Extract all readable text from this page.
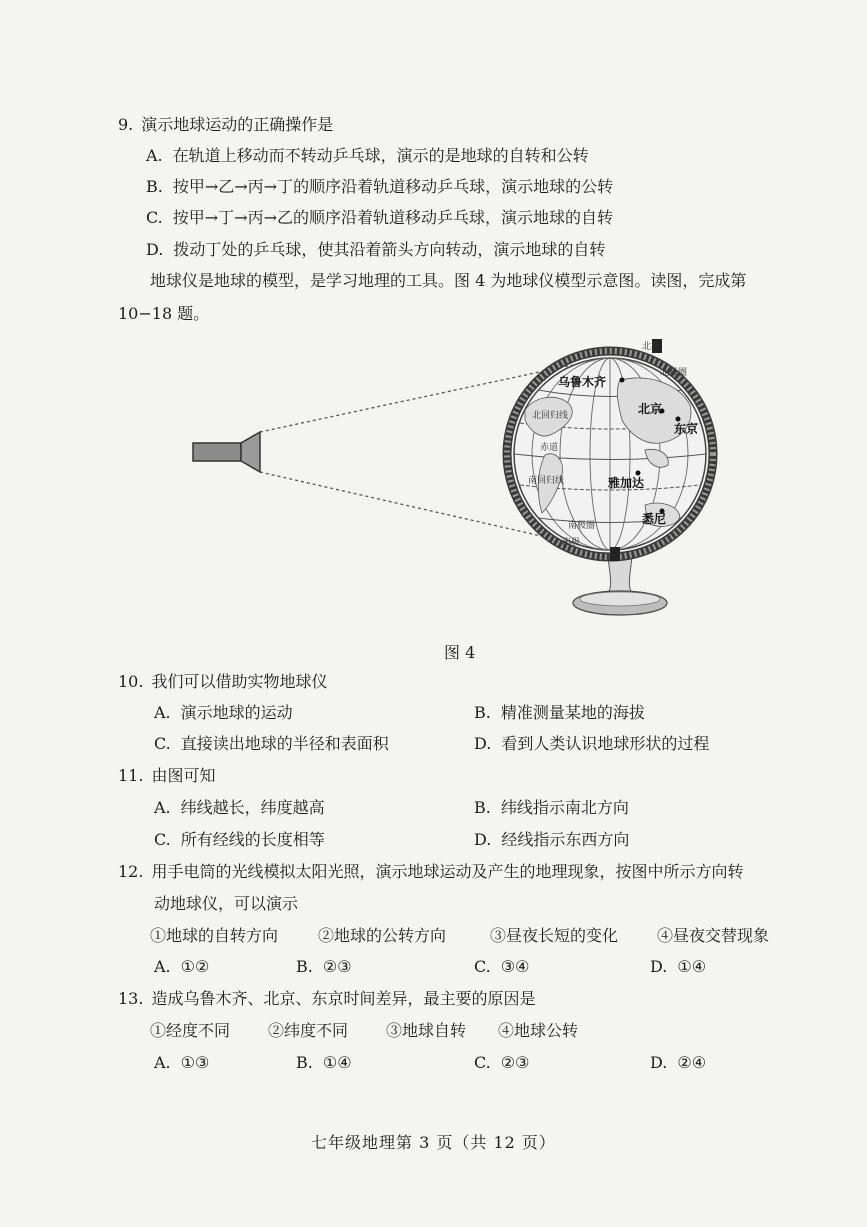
9. 演示地球运动的正确操作是
A. 在轨道上移动而不转动乒乓球，演示的是地球的自转和公转
B. 按甲→乙→丙→丁的顺序沿着轨道移动乒乓球，演示地球的公转
C. 按甲→丁→丙→乙的顺序沿着轨道移动乒乓球，演示地球的自转
D. 拨动丁处的乒乓球，使其沿着箭头方向转动，演示地球的自转
地球仪是地球的模型，是学习地理的工具。图 4 为地球仪模型示意图。读图，完成第
10−18 题。
北回归线
北极圈
赤道
南回归线
南极圈
北极
南极
乌鲁木齐
北京
东京
雅加达
悉尼
图 4
10. 我们可以借助实物地球仪
A. 演示地球的运动	B. 精准测量某地的海拔
C. 直接读出地球的半径和表面积	D. 看到人类认识地球形状的过程
11. 由图可知
A. 纬线越长，纬度越高	B. 纬线指示南北方向
C. 所有经线的长度相等	D. 经线指示东西方向
12. 用手电筒的光线模拟太阳光照，演示地球运动及产生的地理现象，按图中所示方向转
动地球仪，可以演示
①地球的自转方向 ②地球的公转方向	③昼夜长短的变化 ④昼夜交替现象
A. ①②	B. ②③	C. ③④	D. ①④
13. 造成乌鲁木齐、北京、东京时间差异，最主要的原因是
①经度不同 ②纬度不同 ③地球自转 ④地球公转
A. ①③	B. ①④	C. ②③	D. ②④
七年级地理第 3 页（共 12 页）
